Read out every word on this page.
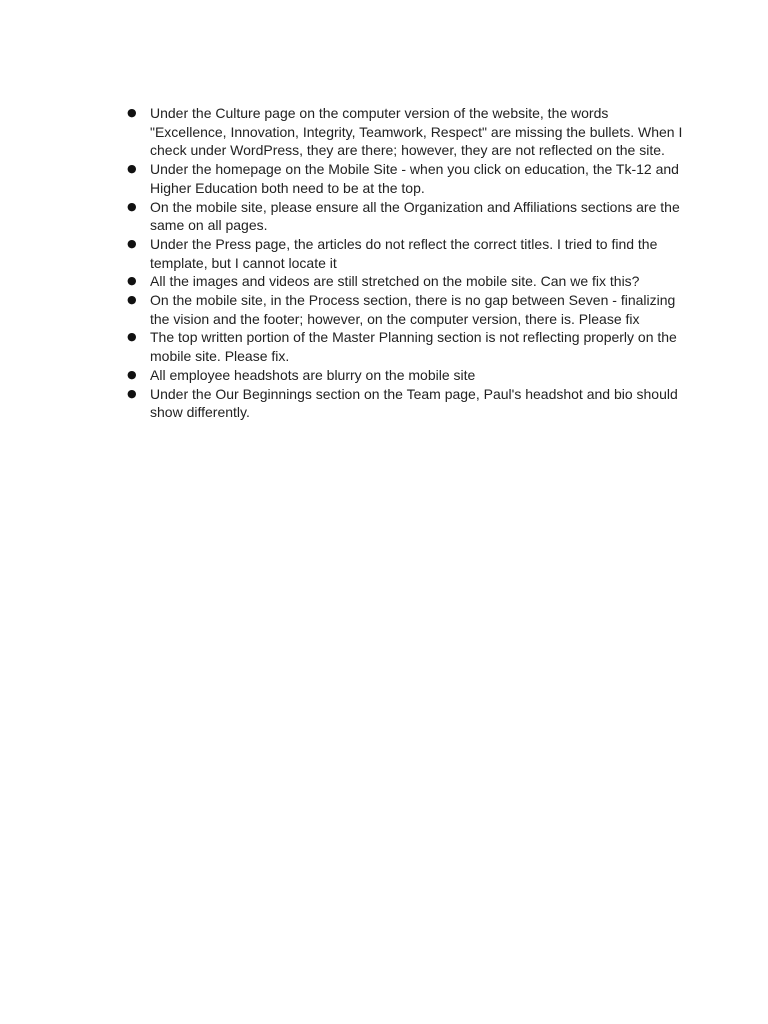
● Under the Culture page on the computer version of the website, the words "Excellence, Innovation, Integrity, Teamwork, Respect" are missing the bullets. When I check under WordPress, they are there; however, they are not reflected on the site.
● Under the homepage on the Mobile Site - when you click on education, the Tk-12 and Higher Education both need to be at the top.
● On the mobile site, please ensure all the Organization and Affiliations sections are the same on all pages.
● Under the Press page, the articles do not reflect the correct titles. I tried to find the template, but I cannot locate it
● All the images and videos are still stretched on the mobile site. Can we fix this?
● On the mobile site, in the Process section, there is no gap between Seven - finalizing the vision and the footer; however, on the computer version, there is. Please fix
● The top written portion of the Master Planning section is not reflecting properly on the mobile site. Please fix.
● All employee headshots are blurry on the mobile site
● Under the Our Beginnings section on the Team page, Paul's headshot and bio should show differently.
